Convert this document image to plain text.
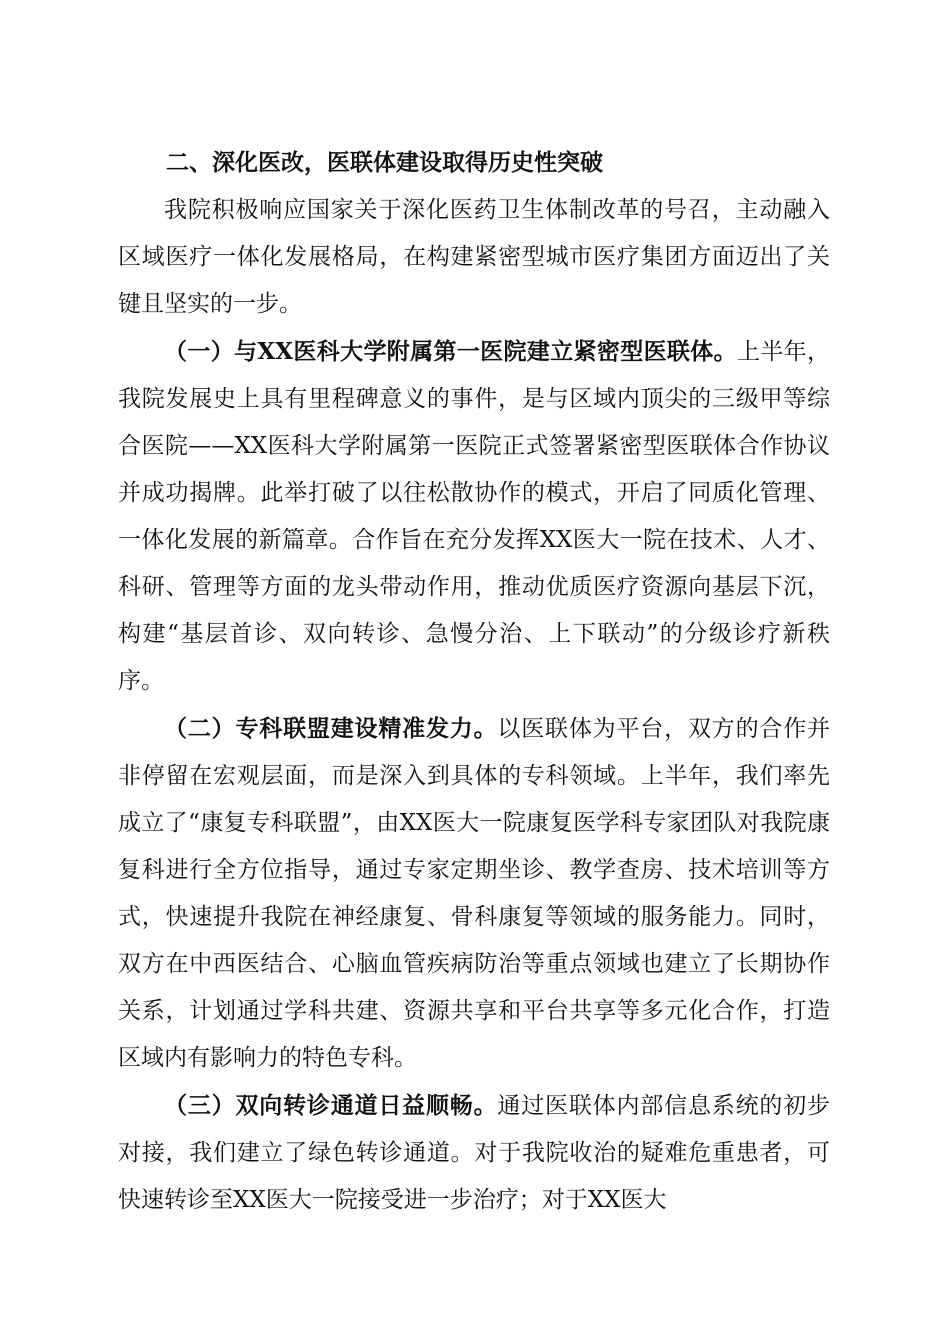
二、深化医改，医联体建设取得历史性突破

我院积极响应国家关于深化医药卫生体制改革的号召，主动融入区域医疗一体化发展格局，在构建紧密型城市医疗集团方面迈出了关键且坚实的一步。

（一）与XX医科大学附属第一医院建立紧密型医联体。上半年，我院发展史上具有里程碑意义的事件，是与区域内顶尖的三级甲等综合医院——XX医科大学附属第一医院正式签署紧密型医联体合作协议并成功揭牌。此举打破了以往松散协作的模式，开启了同质化管理、一体化发展的新篇章。合作旨在充分发挥XX医大一院在技术、人才、科研、管理等方面的龙头带动作用，推动优质医疗资源向基层下沉，构建“基层首诊、双向转诊、急慢分治、上下联动”的分级诊疗新秩序。

（二）专科联盟建设精准发力。以医联体为平台，双方的合作并非停留在宏观层面，而是深入到具体的专科领域。上半年，我们率先成立了“康复专科联盟”，由XX医大一院康复医学科专家团队对我院康复科进行全方位指导，通过专家定期坐诊、教学查房、技术培训等方式，快速提升我院在神经康复、骨科康复等领域的服务能力。同时，双方在中西医结合、心脑血管疾病防治等重点领域也建立了长期协作关系，计划通过学科共建、资源共享和平台共享等多元化合作，打造区域内有影响力的特色专科。

（三）双向转诊通道日益顺畅。通过医联体内部信息系统的初步对接，我们建立了绿色转诊通道。对于我院收治的疑难危重患者，可快速转诊至XX医大一院接受进一步治疗；对于XX医大
